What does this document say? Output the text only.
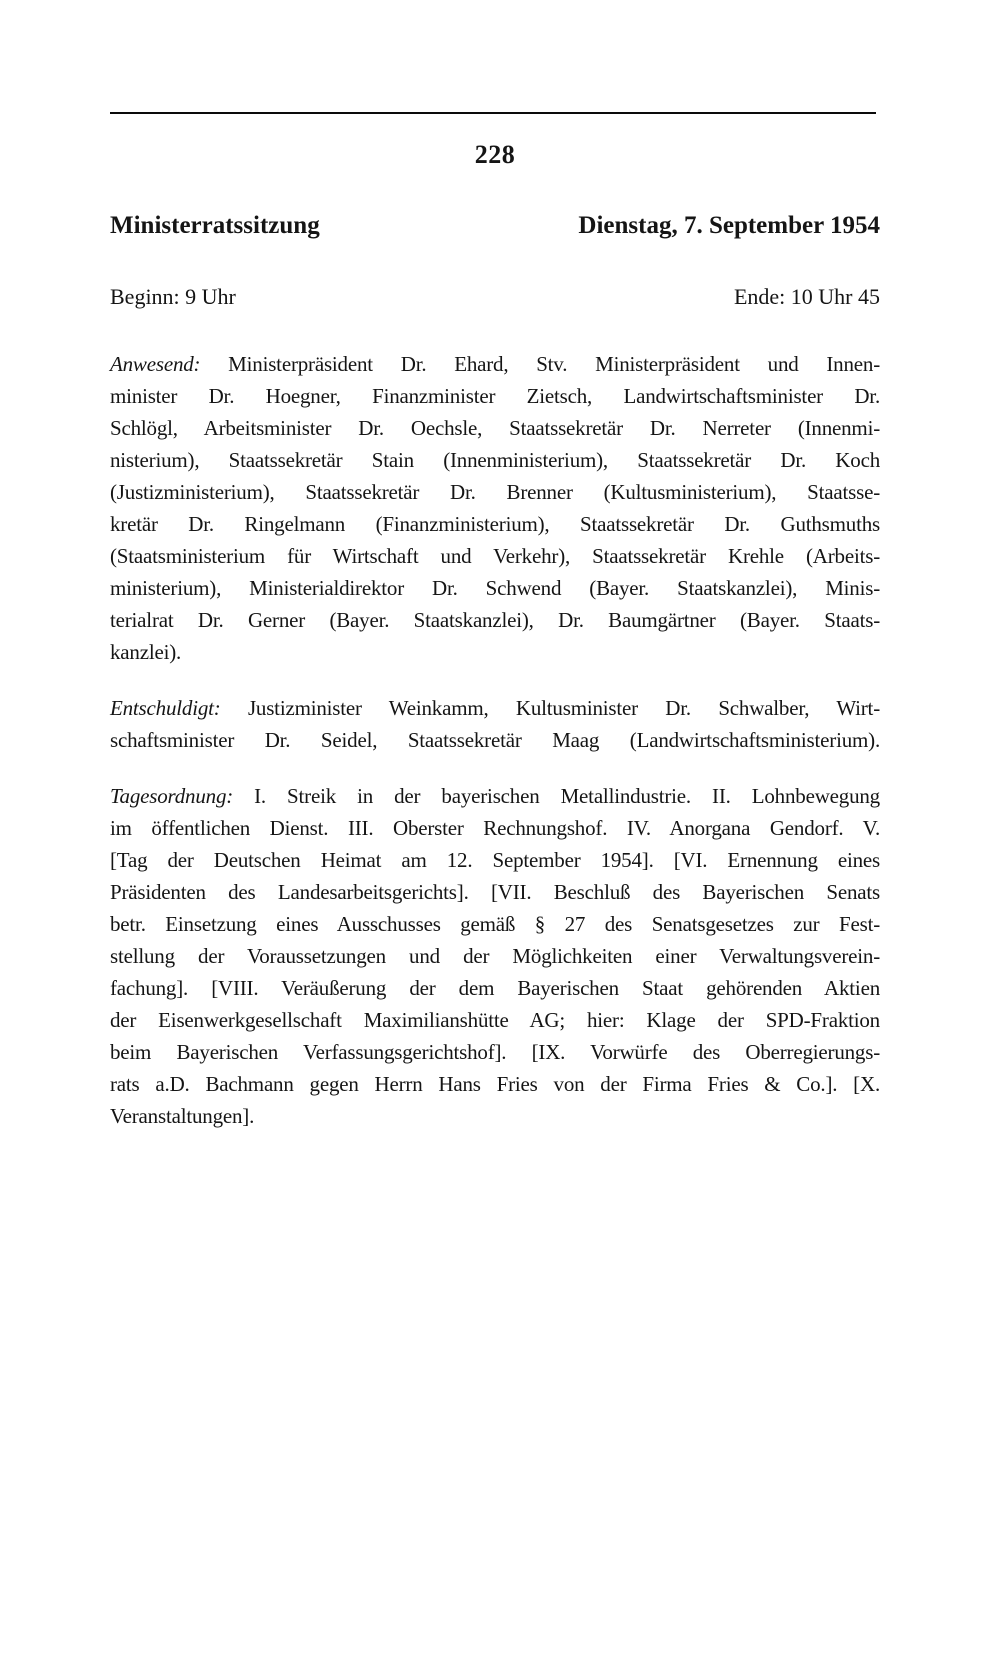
228
Ministerratssitzung	Dienstag, 7. September 1954
Beginn: 9 Uhr	Ende: 10 Uhr 45
Anwesend: Ministerpräsident Dr. Ehard, Stv. Ministerpräsident und Innen-
minister Dr. Hoegner, Finanzminister Zietsch, Landwirtschaftsminister Dr.
Schlögl, Arbeitsminister Dr. Oechsle, Staatssekretär Dr. Nerreter (Innenmi-
nisterium), Staatssekretär Stain (Innenministerium), Staatssekretär Dr. Koch
(Justizministerium), Staatssekretär Dr. Brenner (Kultusministerium), Staatsse-
kretär Dr. Ringelmann (Finanzministerium), Staatssekretär Dr. Guthsmuths
(Staatsministerium für Wirtschaft und Verkehr), Staatssekretär Krehle (Arbeits-
ministerium), Ministerialdirektor Dr. Schwend (Bayer. Staatskanzlei), Minis-
terialrat Dr. Gerner (Bayer. Staatskanzlei), Dr. Baumgärtner (Bayer. Staats-
kanzlei).
Entschuldigt: Justizminister Weinkamm, Kultusminister Dr. Schwalber, Wirt-
schaftsminister Dr. Seidel, Staatssekretär Maag (Landwirtschaftsministerium).
Tagesordnung: I. Streik in der bayerischen Metallindustrie. II. Lohnbewegung
im öffentlichen Dienst. III. Oberster Rechnungshof. IV. Anorgana Gendorf. V.
[Tag der Deutschen Heimat am 12. September 1954]. [VI. Ernennung eines
Präsidenten des Landesarbeitsgerichts]. [VII. Beschluß des Bayerischen Senats
betr. Einsetzung eines Ausschusses gemäß § 27 des Senatsgesetzes zur Fest-
stellung der Voraussetzungen und der Möglichkeiten einer Verwaltungsverein-
fachung]. [VIII. Veräußerung der dem Bayerischen Staat gehörenden Aktien
der Eisenwerkgesellschaft Maximilianshütte AG; hier: Klage der SPD-Fraktion
beim Bayerischen Verfassungsgerichtshof]. [IX. Vorwürfe des Oberregierungs-
rats a.D. Bachmann gegen Herrn Hans Fries von der Firma Fries & Co.]. [X.
Veranstaltungen].
